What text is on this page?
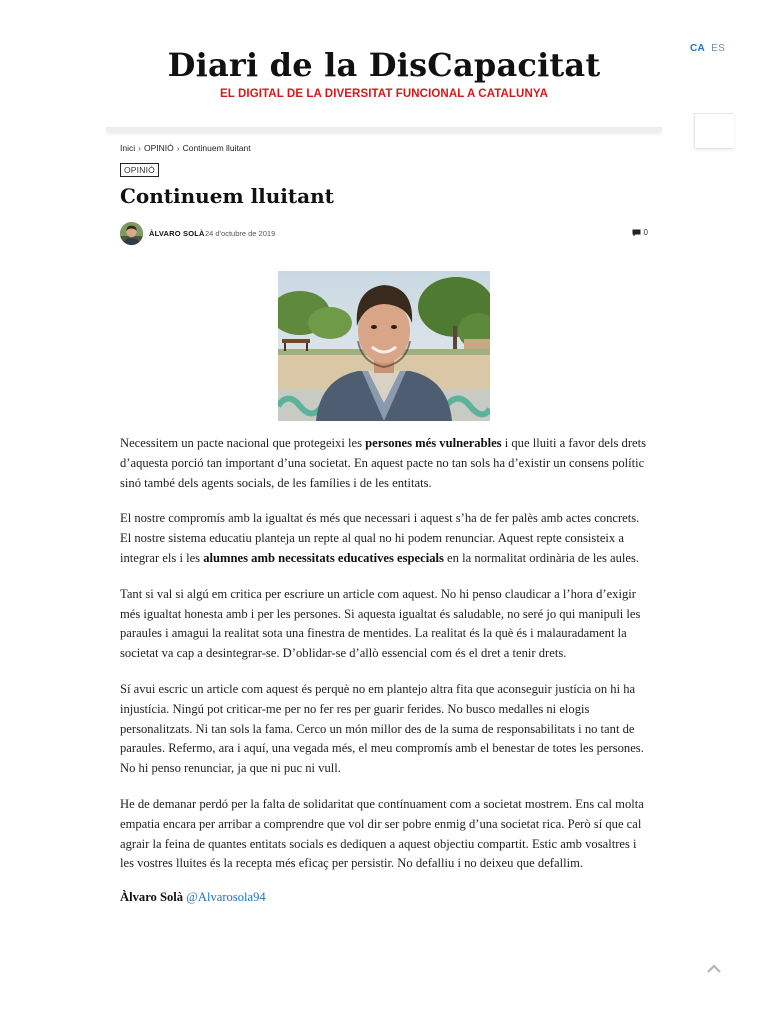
CA ES
Diari de la DisCapacitat
EL DIGITAL DE LA DIVERSITAT FUNCIONAL A CATALUNYA
Inici › OPINIÓ › Continuem lluitant
OPINIÓ
Continuem lluitant
ÀLVARO SOLÀ 24 d'octubre de 2019	0

Necessitem un pacte nacional que protegeixi les persones més vulnerables i que lluiti a favor dels drets d’aquesta porció tan important d’una societat. En aquest pacte no tan sols ha d’existir un consens polític sinó també dels agents socials, de les famílies i de les entitats.

El nostre compromís amb la igualtat és més que necessari i aquest s’ha de fer palès amb actes concrets. El nostre sistema educatiu planteja un repte al qual no hi podem renunciar. Aquest repte consisteix a integrar els i les alumnes amb necessitats educatives especials en la normalitat ordinària de les aules.

Tant si val si algú em critica per escriure un article com aquest. No hi penso claudicar a l’hora d’exigir més igualtat honesta amb i per les persones. Si aquesta igualtat és saludable, no seré jo qui manipuli les paraules i amagui la realitat sota una finestra de mentides. La realitat és la què és i malauradament la societat va cap a desintegrar-se. D’oblidar-se d’allò essencial com és el dret a tenir drets.

Sí avui escric un article com aquest és perquè no em plantejo altra fita que aconseguir justícia on hi ha injustícia. Ningú pot criticar-me per no fer res per guarir ferides. No busco medalles ni elogis personalitzats. Ni tan sols la fama. Cerco un món millor des de la suma de responsabilitats i no tant de paraules. Refermo, ara i aquí, una vegada més, el meu compromís amb el benestar de totes les persones. No hi penso renunciar, ja que ni puc ni vull.

He de demanar perdó per la falta de solidaritat que contínuament com a societat mostrem. Ens cal molta empatia encara per arribar a comprendre que vol dir ser pobre enmig d’una societat rica. Però sí que cal agrair la feina de quantes entitats socials es dediquen a aquest objectiu compartit. Estic amb vosaltres i les vostres lluites és la recepta més eficaç per persistir. No defalliu i no deixeu que defallim.

Àlvaro Solà @Alvarosola94
